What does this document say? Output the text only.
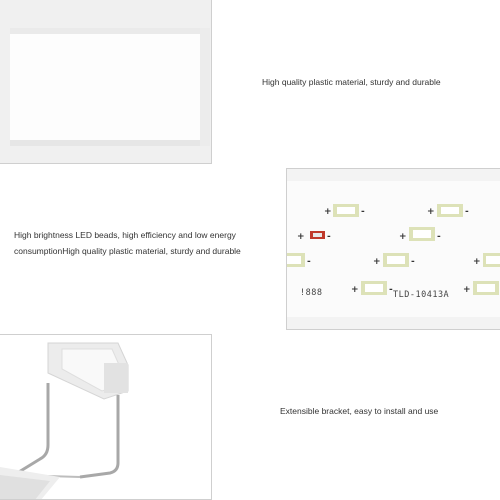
High quality plastic material, sturdy and durable
High brightness LED beads, high efficiency and low energy consumptionHigh quality plastic material, sturdy and durable
+	-	+	-
+ -	+	-
-	+	-	+
!888	+	- TLD-10413A +
Extensible bracket, easy to install and use
